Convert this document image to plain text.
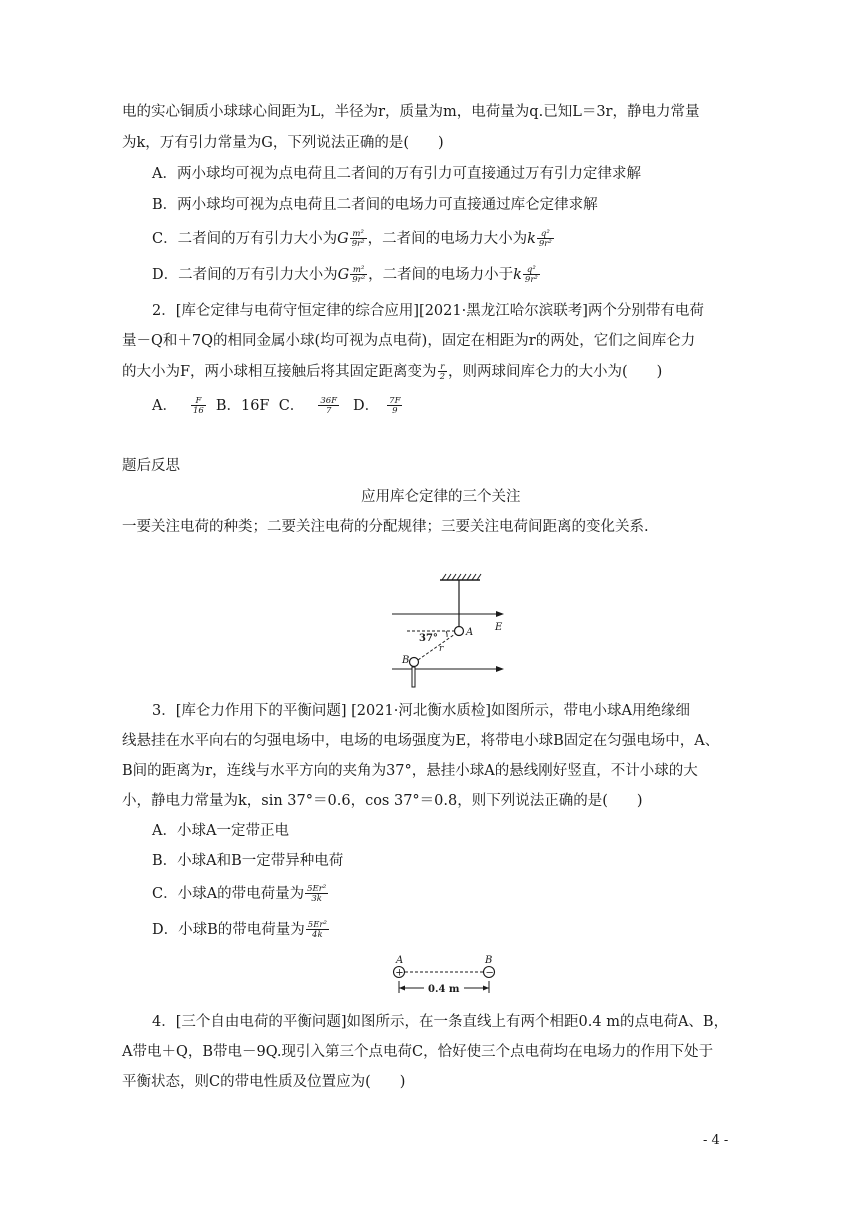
电的实心铜质小球球心间距为L，半径为r，质量为m，电荷量为q.已知L＝3r，静电力常量
为k，万有引力常量为G，下列说法正确的是(　　)
A．两小球均可视为点电荷且二者间的万有引力可直接通过万有引力定律求解
B．两小球均可视为点电荷且二者间的电场力可直接通过库仑定律求解
C．二者间的万有引力大小为G $\frac{\text{m²}}{\text{9r²}}$ ，二者间的电场力大小为k $\frac{\text{q²}}{\text{9r²}}$
D．二者间的万有引力大小为G $\frac{\text{m²}}{\text{9r²}}$ ，二者间的电场力小于k $\frac{\text{q²}}{\text{9r²}}$
2．[库仑定律与电荷守恒定律的综合应用][2021·黑龙江哈尔滨联考]两个分别带有电荷
量－Q和＋7Q的相同金属小球(均可视为点电荷)，固定在相距为r的两处，它们之间库仑力
的大小为F，两小球相互接触后将其固定距离变为 $\frac{r}{2}$ ，则两球间库仑力的大小为(　　)
A． $\frac{F}{16}$ B．16F C． $\frac{36F}{7}$ D． $\frac{7F}{9}$
题后反思
应用库仑定律的三个关注
一要关注电荷的种类；二要关注电荷的分配规律；三要关注电荷间距离的变化关系.
37°
A
B
E
r
3．[库仑力作用下的平衡问题] [2021·河北衡水质检]如图所示，带电小球A用绝缘细
线悬挂在水平向右的匀强电场中，电场的电场强度为E，将带电小球B固定在匀强电场中，A、
B间的距离为r，连线与水平方向的夹角为37°，悬挂小球A的悬线刚好竖直，不计小球的大
小，静电力常量为k，sin 37°＝0.6，cos 37°＝0.8，则下列说法正确的是(　　)
A．小球A一定带正电
B．小球A和B一定带异种电荷
C．小球A的带电荷量为 $\frac{\text{5Er²}}{3k}$
D．小球B的带电荷量为 $\frac{\text{5Er²}}{4k}$
A	B
+	−
0.4 m
4．[三个自由电荷的平衡问题]如图所示，在一条直线上有两个相距0.4 m的点电荷A、B，
A带电＋Q，B带电－9Q.现引入第三个点电荷C，恰好使三个点电荷均在电场力的作用下处于
平衡状态，则C的带电性质及位置应为(　　)
- 4 -
